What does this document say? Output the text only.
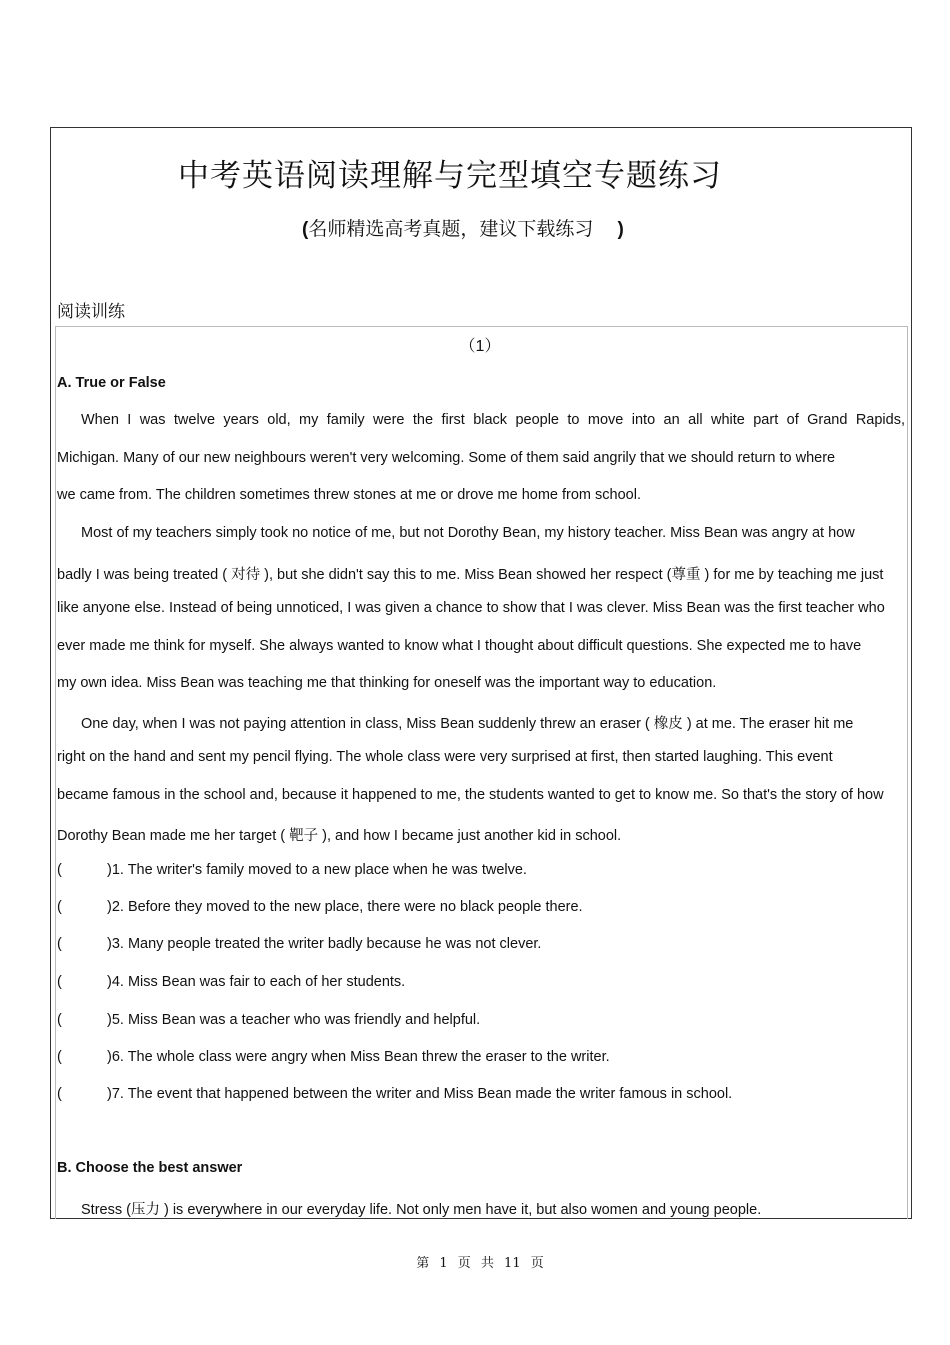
中考英语阅读理解与完型填空专题练习
(名师精选高考真题，建议下载练习 )
阅读训练
（1）
A. True or False
When I was twelve years old, my family were the first black people to move into an all white part of Grand Rapids,
Michigan. Many of our new neighbours weren't very welcoming. Some of them said angrily that we should return to where
we came from. The children sometimes threw stones at me or drove me home from school.
Most of my teachers simply took no notice of me, but not Dorothy Bean, my history teacher. Miss Bean was angry at how
badly I was being treated ( 对待 ), but she didn't say this to me. Miss Bean showed her respect (尊重 ) for me by teaching me just
like anyone else. Instead of being unnoticed, I was given a chance to show that I was clever. Miss Bean was the first teacher who
ever made me think for myself. She always wanted to know what I thought about difficult questions. She expected me to have
my own idea. Miss Bean was teaching me that thinking for oneself was the important way to education.
One day, when I was not paying attention in class, Miss Bean suddenly threw an eraser ( 橡皮 ) at me. The eraser hit me
right on the hand and sent my pencil flying. The whole class were very surprised at first, then started laughing. This event
became famous in the school and, because it happened to me, the students wanted to get to know me. So that's the story of how
Dorothy Bean made me her target ( 靶子 ), and how I became just another kid in school.
(	)1. The writer's family moved to a new place when he was twelve.
(	)2. Before they moved to the new place, there were no black people there.
(	)3. Many people treated the writer badly because he was not clever.
(	)4. Miss Bean was fair to each of her students.
(	)5. Miss Bean was a teacher who was friendly and helpful.
(	)6. The whole class were angry when Miss Bean threw the eraser to the writer.
(	)7. The event that happened between the writer and Miss Bean made the writer famous in school.
B. Choose the best answer
Stress (压力 ) is everywhere in our everyday life. Not only men have it, but also women and young people.
第 1 页 共 11 页
